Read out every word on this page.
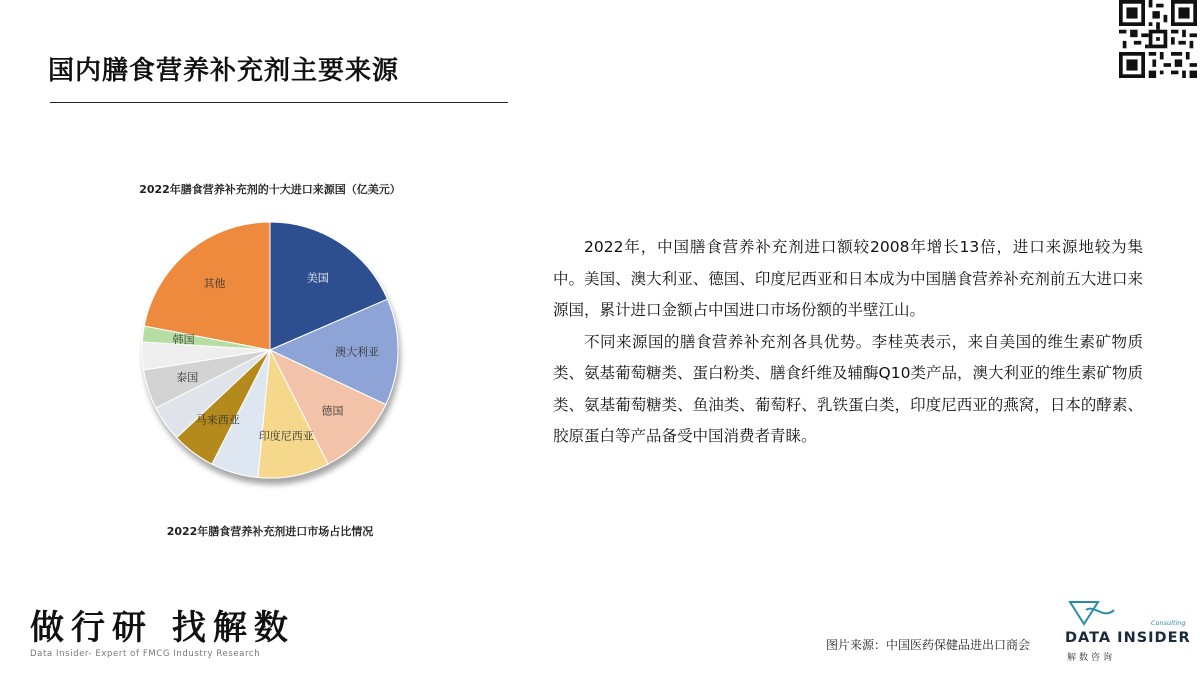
国内膳食营养补充剂主要来源
2022年膳食营养补充剂的十大进口来源国（亿美元）
美国
澳大利亚
德国
印度尼西亚
马来西亚
泰国
韩国
其他
2022年膳食营养补充剂进口市场占比情况

2022年，中国膳食营养补充剂进口额较2008年增长13倍，进口来源地较为集中。美国、澳大利亚、德国、印度尼西亚和日本成为中国膳食营养补充剂前五大进口来源国，累计进口金额占中国进口市场份额的半壁江山。

不同来源国的膳食营养补充剂各具优势。李桂英表示，来自美国的维生素矿物质类、氨基葡萄糖类、蛋白粉类、膳食纤维及辅酶Q10类产品，澳大利亚的维生素矿物质类、氨基葡萄糖类、鱼油类、葡萄籽、乳铁蛋白类，印度尼西亚的燕窝，日本的酵素、胶原蛋白等产品备受中国消费者青睐。

做行研 找解数
Data Insider- Expert of FMCG Industry Research
图片来源：中国医药保健品进出口商会
Consulting
DATA INSIDER
解数咨询
